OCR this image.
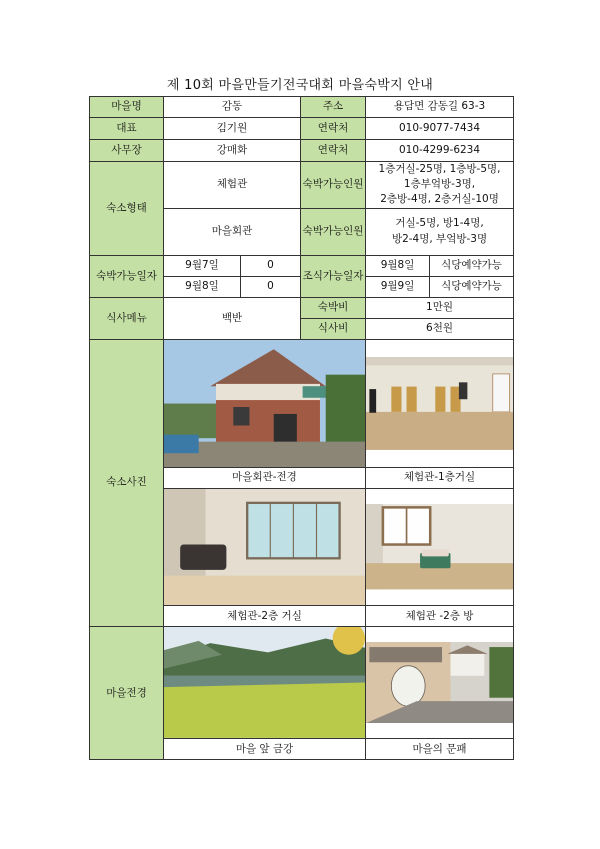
제 10회 마을만들기전국대회 마을숙박지 안내
마을명	감동		주소	용담면 감동길 63-3	
대표	김기원		연락처	010-9077-7434	
사무장	강매화		연락처	010-4299-6234	
숙소형태	체험관		숙박가능인원	1층거실-25명, 1층방-5명,
1층부엌방-3명,
2층방-4명, 2층거실-10명	

	마을회관		숙박가능인원	거실-5명, 방1-4명,
방2-4명, 부엌방-3명	

숙박가능일자	9월7일	0	조식가능일자	9월8일	식당예약가능
	9월8일	0		9월9일	식당예약가능
식사메뉴	백반		숙박비	1만원	
			식사비	6천원	
숙소사진	

	마을회관-전경			체험관-1층거실	

	체험관-2층 거실			체험관 -2층 방	
마을전경	

	마을 앞 금강			마을의 문패	
